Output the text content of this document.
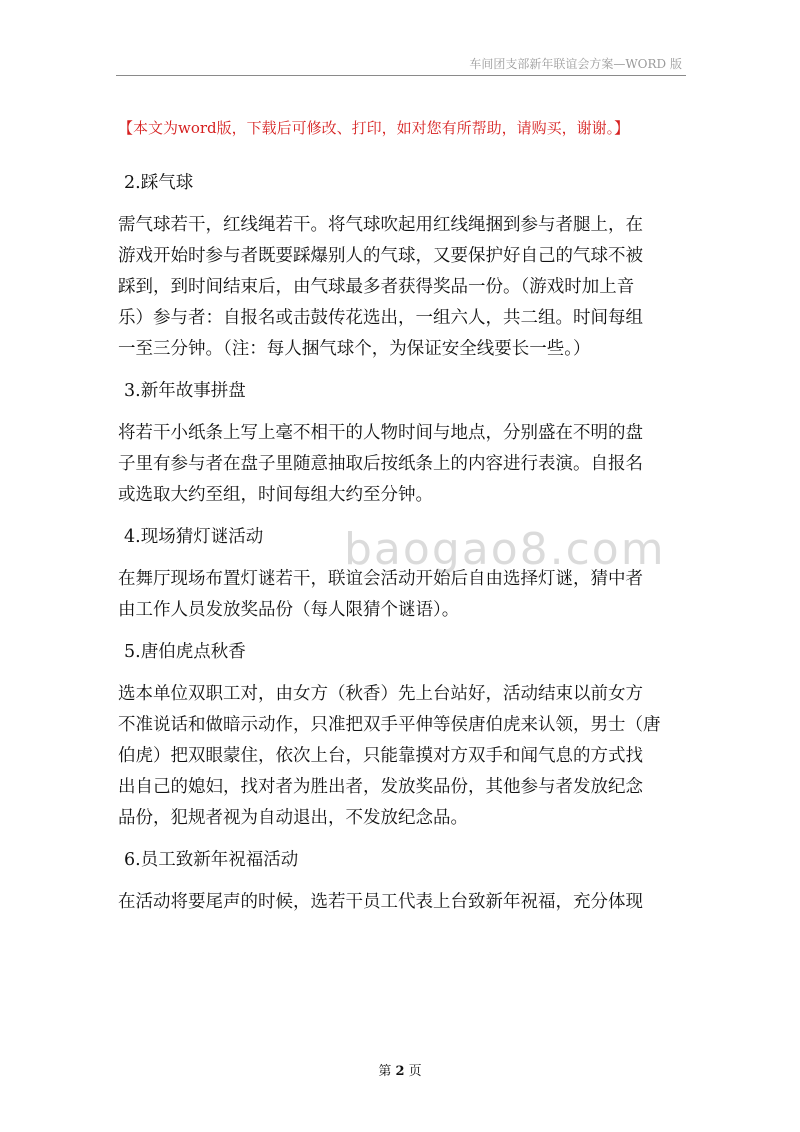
车间团支部新年联谊会方案—WORD 版
【本文为word版，下载后可修改、打印，如对您有所帮助，请购买，谢谢。】
2.踩气球
需气球若干，红线绳若干。将气球吹起用红线绳捆到参与者腿上，在
游戏开始时参与者既要踩爆别人的气球，又要保护好自己的气球不被
踩到，到时间结束后，由气球最多者获得奖品一份。（游戏时加上音
乐）参与者：自报名或击鼓传花选出，一组六人，共二组。时间每组
一至三分钟。（注：每人捆气球个，为保证安全线要长一些。）
3.新年故事拼盘
将若干小纸条上写上毫不相干的人物时间与地点，分别盛在不明的盘
子里有参与者在盘子里随意抽取后按纸条上的内容进行表演。自报名
或选取大约至组，时间每组大约至分钟。
4.现场猜灯谜活动
在舞厅现场布置灯谜若干，联谊会活动开始后自由选择灯谜，猜中者
由工作人员发放奖品份（每人限猜个谜语）。
5.唐伯虎点秋香
选本单位双职工对，由女方（秋香）先上台站好，活动结束以前女方
不准说话和做暗示动作，只准把双手平伸等侯唐伯虎来认领，男士（唐
伯虎）把双眼蒙住，依次上台，只能靠摸对方双手和闻气息的方式找
出自己的媳妇，找对者为胜出者，发放奖品份，其他参与者发放纪念
品份，犯规者视为自动退出，不发放纪念品。
6.员工致新年祝福活动
在活动将要尾声的时候，选若干员工代表上台致新年祝福，充分体现
baogao8.com
第 2 页
